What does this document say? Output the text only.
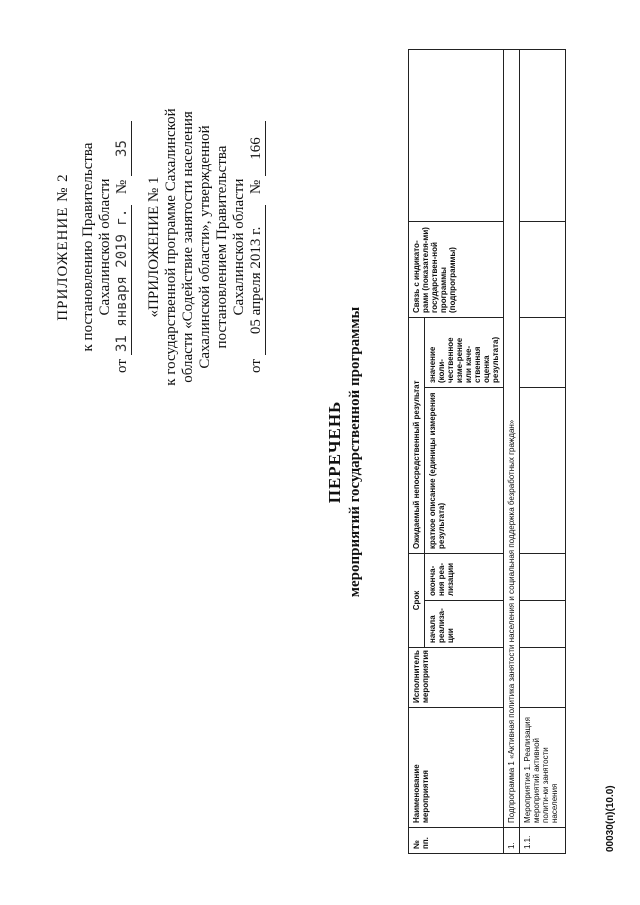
ПРИЛОЖЕНИЕ № 2 к постановлению Правительства Сахалинской области
от 31 января 2019 г.   № 35
«ПРИЛОЖЕНИЕ № 1 к государственной программе Сахалинской области «Содействие занятости населения Сахалинской области», утвержденной постановлением Правительства Сахалинской области
от 05 апреля 2013 г.   № 166
ПЕРЕЧЕНЬ мероприятий государственной программы
№ пп.	Наименование мероприятия	Исполнитель мероприятия	Срок		Ожидаемый непосредственный результат		Связь с индикато-рами (показателя-ми) государствен-ной программы (подпрограммы)	
			начала реализа-ции	оконча-ния реа-лизации	краткое описание (единицы измерения результата)	значение (коли-чественное изме-рение или каче-ственная оценка результата)		
1.	Подпрограмма 1 «Активная политика занятости населения и социальная поддержка безработных граждан»							
1.1.	Мероприятие 1. Реализация мероприятий активной полити-ки занятости населения								00030(п)(10.0)
